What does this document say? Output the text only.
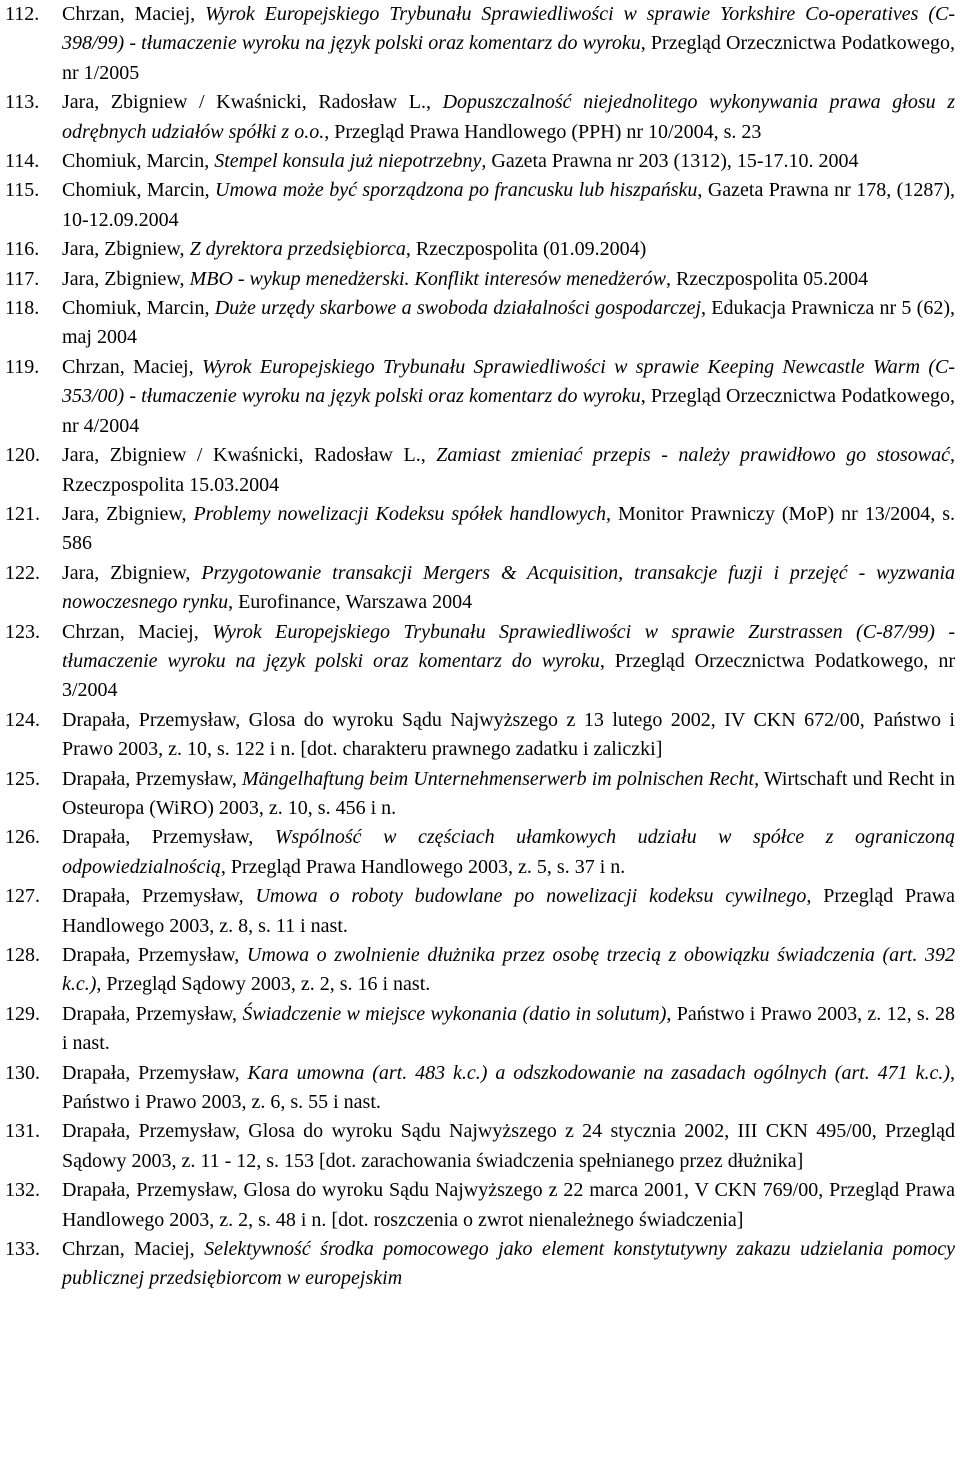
112. Chrzan, Maciej, Wyrok Europejskiego Trybunału Sprawiedliwości w sprawie Yorkshire Co-operatives (C-398/99) - tłumaczenie wyroku na język polski oraz komentarz do wyroku, Przegląd Orzecznictwa Podatkowego, nr 1/2005
113. Jara, Zbigniew / Kwaśnicki, Radosław L., Dopuszczalność niejednolitego wykonywania prawa głosu z odrębnych udziałów spółki z o.o., Przegląd Prawa Handlowego (PPH) nr 10/2004, s. 23
114. Chomiuk, Marcin, Stempel konsula już niepotrzebny, Gazeta Prawna nr 203 (1312), 15-17.10. 2004
115. Chomiuk, Marcin, Umowa może być sporządzona po francusku lub hiszpańsku, Gazeta Prawna nr 178, (1287), 10-12.09.2004
116. Jara, Zbigniew, Z dyrektora przedsiębiorca, Rzeczpospolita (01.09.2004)
117. Jara, Zbigniew, MBO - wykup menedżerski. Konflikt interesów menedżerów, Rzeczpospolita 05.2004
118. Chomiuk, Marcin, Duże urzędy skarbowe a swoboda działalności gospodarczej, Edukacja Prawnicza nr 5 (62), maj 2004
119. Chrzan, Maciej, Wyrok Europejskiego Trybunału Sprawiedliwości w sprawie Keeping Newcastle Warm (C-353/00) - tłumaczenie wyroku na język polski oraz komentarz do wyroku, Przegląd Orzecznictwa Podatkowego, nr 4/2004
120. Jara, Zbigniew / Kwaśnicki, Radosław L., Zamiast zmieniać przepis - należy prawidłowo go stosować, Rzeczpospolita 15.03.2004
121. Jara, Zbigniew, Problemy nowelizacji Kodeksu spółek handlowych, Monitor Prawniczy (MoP) nr 13/2004, s. 586
122. Jara, Zbigniew, Przygotowanie transakcji Mergers & Acquisition, transakcje fuzji i przejęć - wyzwania nowoczesnego rynku, Eurofinance, Warszawa 2004
123. Chrzan, Maciej, Wyrok Europejskiego Trybunału Sprawiedliwości w sprawie Zurstrassen (C-87/99) - tłumaczenie wyroku na język polski oraz komentarz do wyroku, Przegląd Orzecznictwa Podatkowego, nr 3/2004
124. Drapała, Przemysław, Glosa do wyroku Sądu Najwyższego z 13 lutego 2002, IV CKN 672/00, Państwo i Prawo 2003, z. 10, s. 122 i n. [dot. charakteru prawnego zadatku i zaliczki]
125. Drapała, Przemysław, Mängelhaftung beim Unternehmenserwerb im polnischen Recht, Wirtschaft und Recht in Osteuropa (WiRO) 2003, z. 10, s. 456 i n.
126. Drapała, Przemysław, Wspólność w częściach ułamkowych udziału w spółce z ograniczoną odpowiedzialnością, Przegląd Prawa Handlowego 2003, z. 5, s. 37 i n.
127. Drapała, Przemysław, Umowa o roboty budowlane po nowelizacji kodeksu cywilnego, Przegląd Prawa Handlowego 2003, z. 8, s. 11 i nast.
128. Drapała, Przemysław, Umowa o zwolnienie dłużnika przez osobę trzecią z obowiązku świadczenia (art. 392 k.c.), Przegląd Sądowy 2003, z. 2, s. 16 i nast.
129. Drapała, Przemysław, Świadczenie w miejsce wykonania (datio in solutum), Państwo i Prawo 2003, z. 12, s. 28 i nast.
130. Drapała, Przemysław, Kara umowna (art. 483 k.c.) a odszkodowanie na zasadach ogólnych (art. 471 k.c.), Państwo i Prawo 2003, z. 6, s. 55 i nast.
131. Drapała, Przemysław, Glosa do wyroku Sądu Najwyższego z 24 stycznia 2002, III CKN 495/00, Przegląd Sądowy 2003, z. 11 - 12, s. 153 [dot. zarachowania świadczenia spełnianego przez dłużnika]
132. Drapała, Przemysław, Glosa do wyroku Sądu Najwyższego z 22 marca 2001, V CKN 769/00, Przegląd Prawa Handlowego 2003, z. 2, s. 48 i n. [dot. roszczenia o zwrot nienależnego świadczenia]
133. Chrzan, Maciej, Selektywność środka pomocowego jako element konstytutywny zakazu udzielania pomocy publicznej przedsiębiorcom w europejskim
